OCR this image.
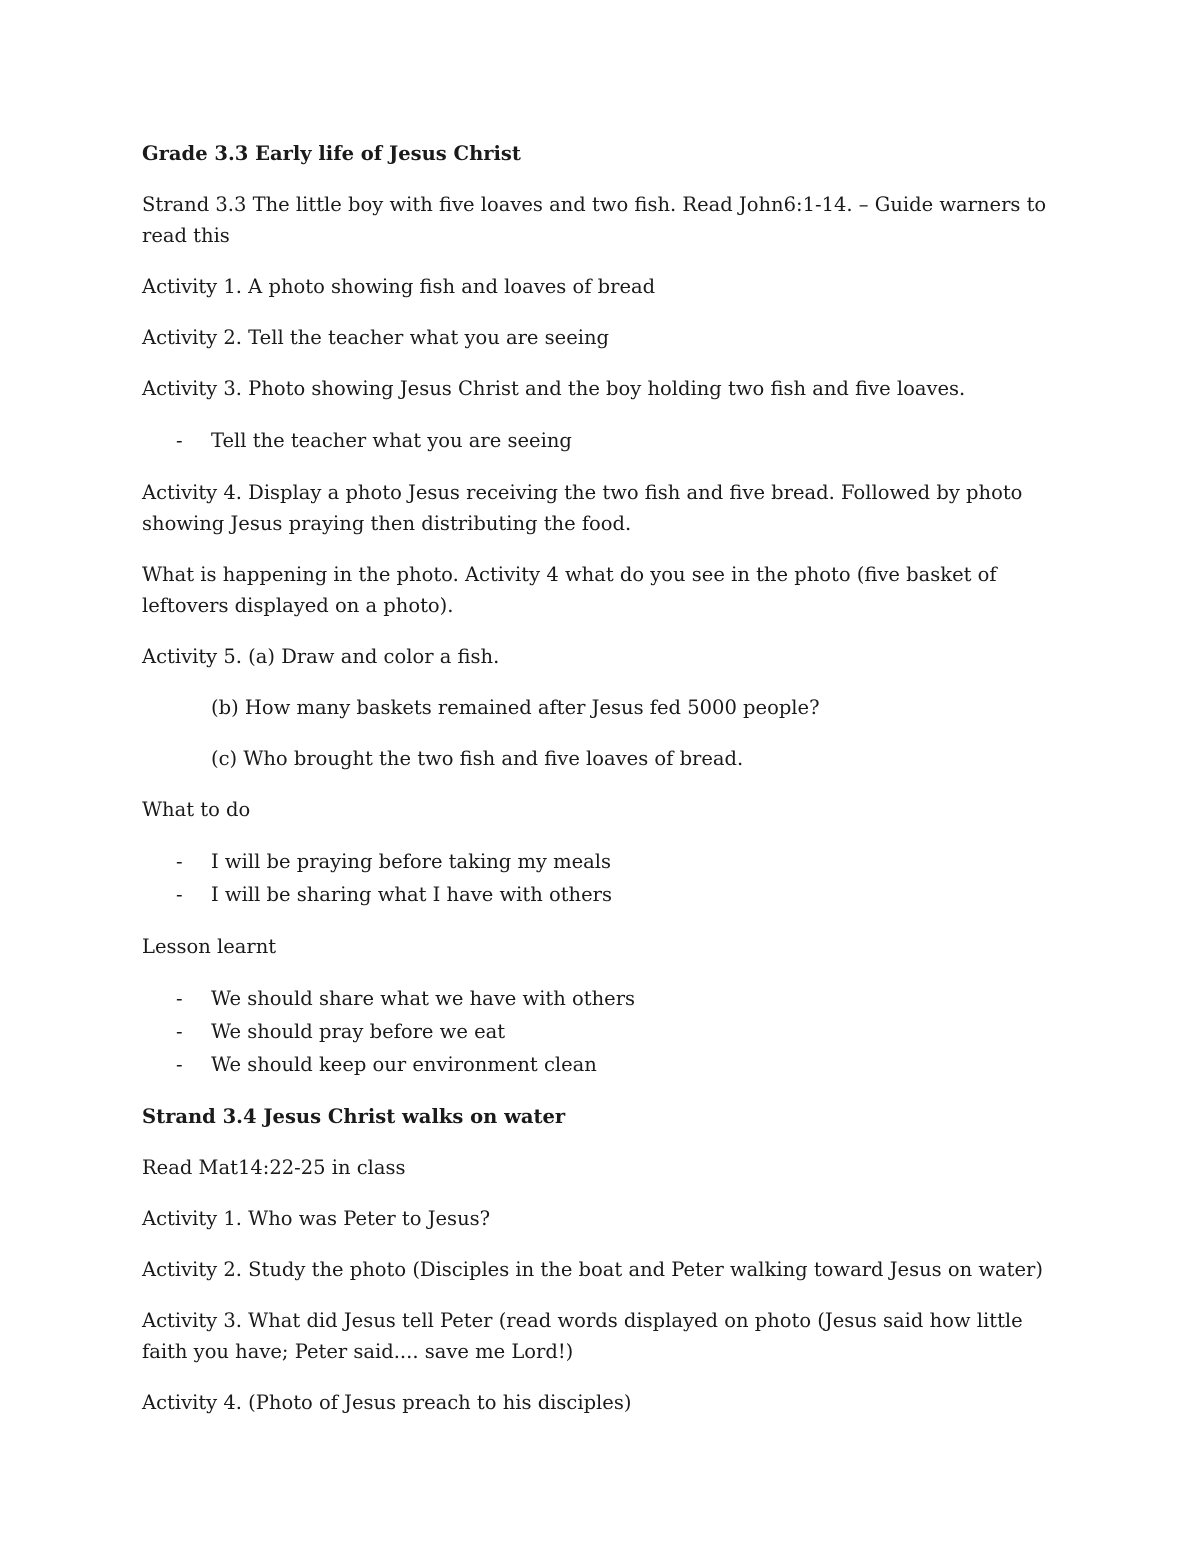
Grade 3.3 Early life of Jesus Christ

Strand 3.3 The little boy with five loaves and two fish. Read John6:1-14. – Guide warners to read this

Activity 1. A photo showing fish and loaves of bread

Activity 2. Tell the teacher what you are seeing

Activity 3. Photo showing Jesus Christ and the boy holding two fish and five loaves.

- Tell the teacher what you are seeing

Activity 4. Display a photo Jesus receiving the two fish and five bread. Followed by photo showing Jesus praying then distributing the food.

What is happening in the photo. Activity 4 what do you see in the photo (five basket of leftovers displayed on a photo).

Activity 5. (a) Draw and color a fish.

(b) How many baskets remained after Jesus fed 5000 people?

(c) Who brought the two fish and five loaves of bread.

What to do

- I will be praying before taking my meals
- I will be sharing what I have with others

Lesson learnt

- We should share what we have with others
- We should pray before we eat
- We should keep our environment clean

Strand 3.4 Jesus Christ walks on water

Read Mat14:22-25 in class

Activity 1. Who was Peter to Jesus?

Activity 2. Study the photo (Disciples in the boat and Peter walking toward Jesus on water)

Activity 3. What did Jesus tell Peter (read words displayed on photo (Jesus said how little faith you have; Peter said.... save me Lord!)

Activity 4. (Photo of Jesus preach to his disciples)
